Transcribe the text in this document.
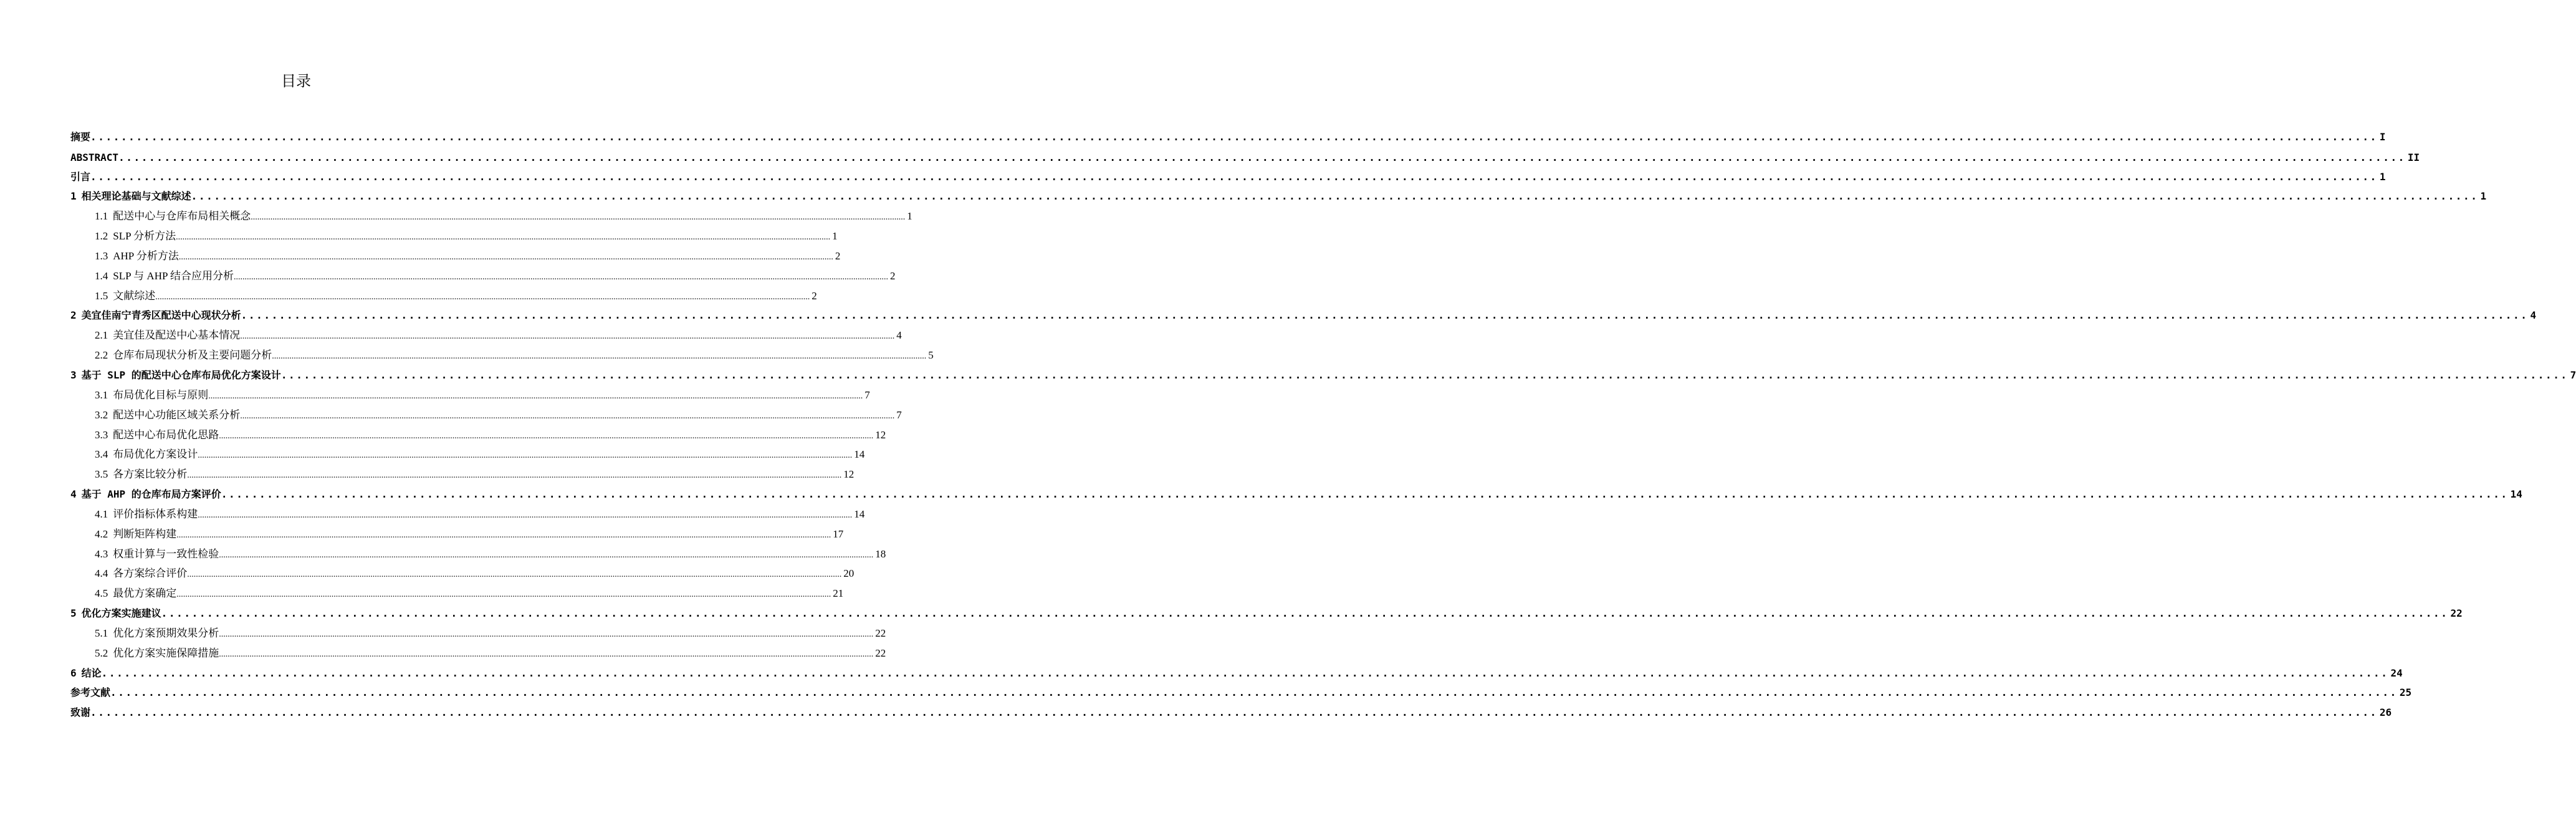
目录
摘要 ............................................................................................................................................................................................................................................................................................................ I
ABSTRACT ............................................................................................................................................................................................................................................................................................................ II
引言 ............................................................................................................................................................................................................................................................................................................ 1
1 相关理论基础与文献综述 ............................................................................................................................................................................................................................................................................................................ 1
1.1 配送中心与仓库布局相关概念 ............................................................................................................................................................................................................................................................................................................ 1
1.2 SLP 分析方法 ............................................................................................................................................................................................................................................................................................................ 1
1.3 AHP 分析方法 ............................................................................................................................................................................................................................................................................................................ 2
1.4 SLP 与 AHP 结合应用分析 ............................................................................................................................................................................................................................................................................................................ 2
1.5 文献综述 ............................................................................................................................................................................................................................................................................................................ 2
2 美宜佳南宁青秀区配送中心现状分析 ............................................................................................................................................................................................................................................................................................................ 4
2.1 美宜佳及配送中心基本情况 ............................................................................................................................................................................................................................................................................................................ 4
2.2 仓库布局现状分析及主要问题分析 ............................................................................................................................................................................................................................................................................................................ 5
3 基于 SLP 的配送中心仓库布局优化方案设计 ............................................................................................................................................................................................................................................................................................................ 7
3.1 布局优化目标与原则 ............................................................................................................................................................................................................................................................................................................ 7
3.2 配送中心功能区域关系分析 ............................................................................................................................................................................................................................................................................................................ 7
3.3 配送中心布局优化思路 ............................................................................................................................................................................................................................................................................................................ 12
3.4 布局优化方案设计 ............................................................................................................................................................................................................................................................................................................ 14
3.5 各方案比较分析 ............................................................................................................................................................................................................................................................................................................ 12
4 基于 AHP 的仓库布局方案评价 ............................................................................................................................................................................................................................................................................................................ 14
4.1 评价指标体系构建 ............................................................................................................................................................................................................................................................................................................ 14
4.2 判断矩阵构建 ............................................................................................................................................................................................................................................................................................................ 17
4.3 权重计算与一致性检验 ............................................................................................................................................................................................................................................................................................................ 18
4.4 各方案综合评价 ............................................................................................................................................................................................................................................................................................................ 20
4.5 最优方案确定 ............................................................................................................................................................................................................................................................................................................ 21
5 优化方案实施建议 ............................................................................................................................................................................................................................................................................................................ 22
5.1 优化方案预期效果分析 ............................................................................................................................................................................................................................................................................................................ 22
5.2 优化方案实施保障措施 ............................................................................................................................................................................................................................................................................................................ 22
6 结论 ............................................................................................................................................................................................................................................................................................................ 24
参考文献 ............................................................................................................................................................................................................................................................................................................ 25
致谢 ............................................................................................................................................................................................................................................................................................................ 26
